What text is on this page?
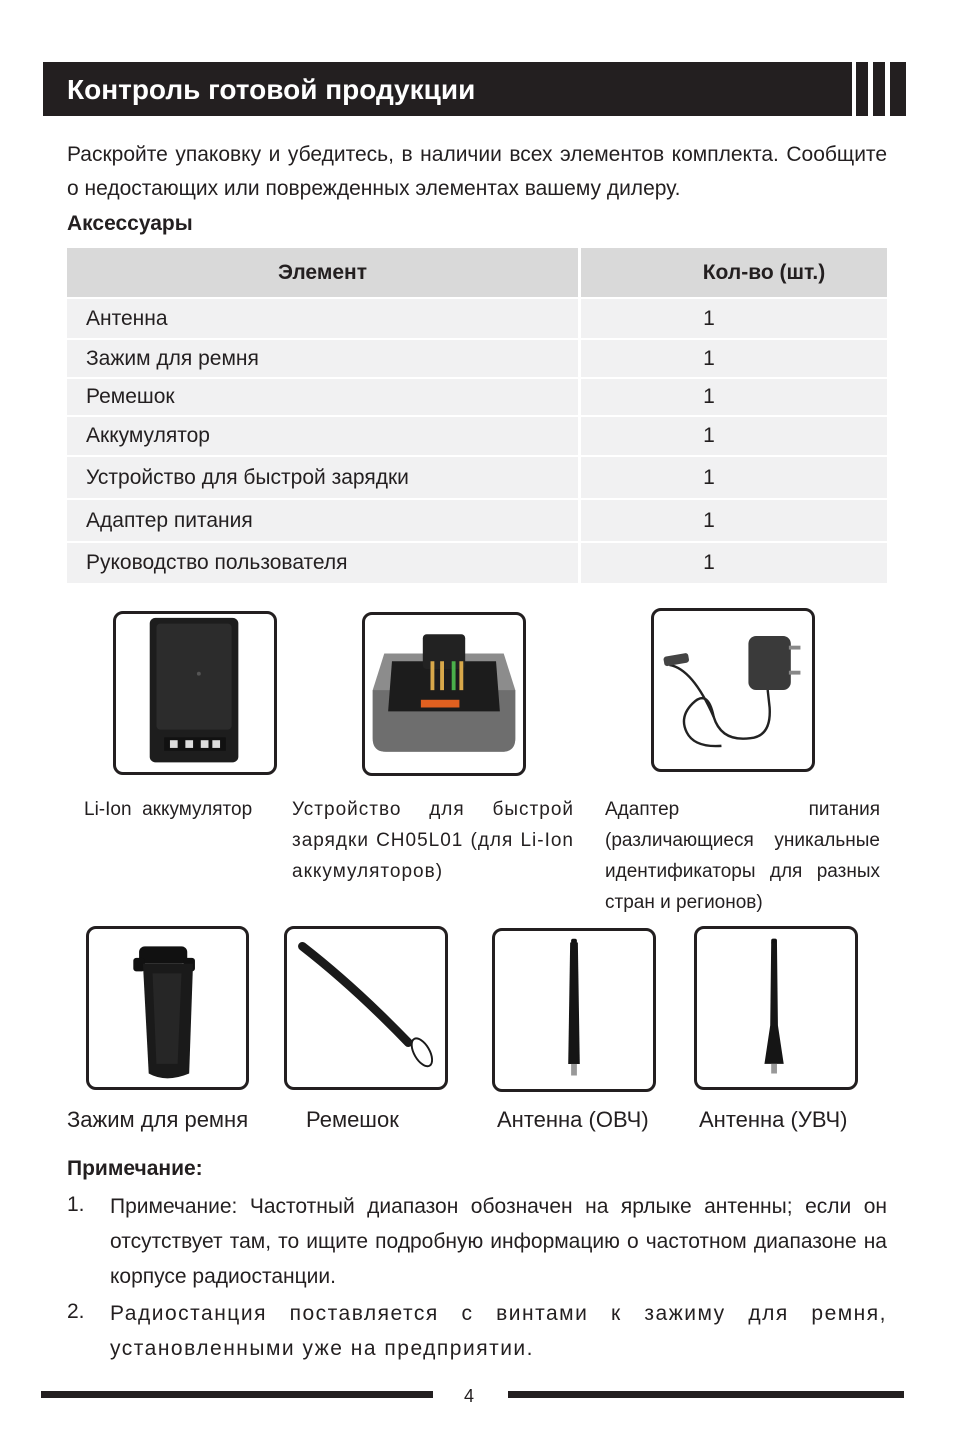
Контроль готовой продукции
Раскройте упаковку и убедитесь, в наличии всех элементов комплекта. Сообщите о недостающих или поврежденных элементах вашему дилеру.
Аксессуары
Элемент	Кол-во (шт.)
Антенна	1
Зажим для ремня	1
Ремешок	1
Аккумулятор	1
Устройство для быстрой зарядки	1
Адаптер питания	1
Руководство пользователя	1
Li-Ion  аккумулятор Устройство для быстрой зарядки CH05L01 (для Li-Ion аккумуляторов)
Адаптер питания (различающиеся уникальные идентификаторы для разных стран и регионов)
Зажим для ремня	Ремешок	Антенна (ОВЧ) Антенна (УВЧ)
Примечание:
1. Примечание: Частотный диапазон обозначен на ярлыке антенны; если он отсутствует там, то ищите подробную информацию о частотном диапазоне на корпусе радиостанции.
2. Радиостанция поставляется с винтами к зажиму для ремня, установленными уже на предприятии.
4
